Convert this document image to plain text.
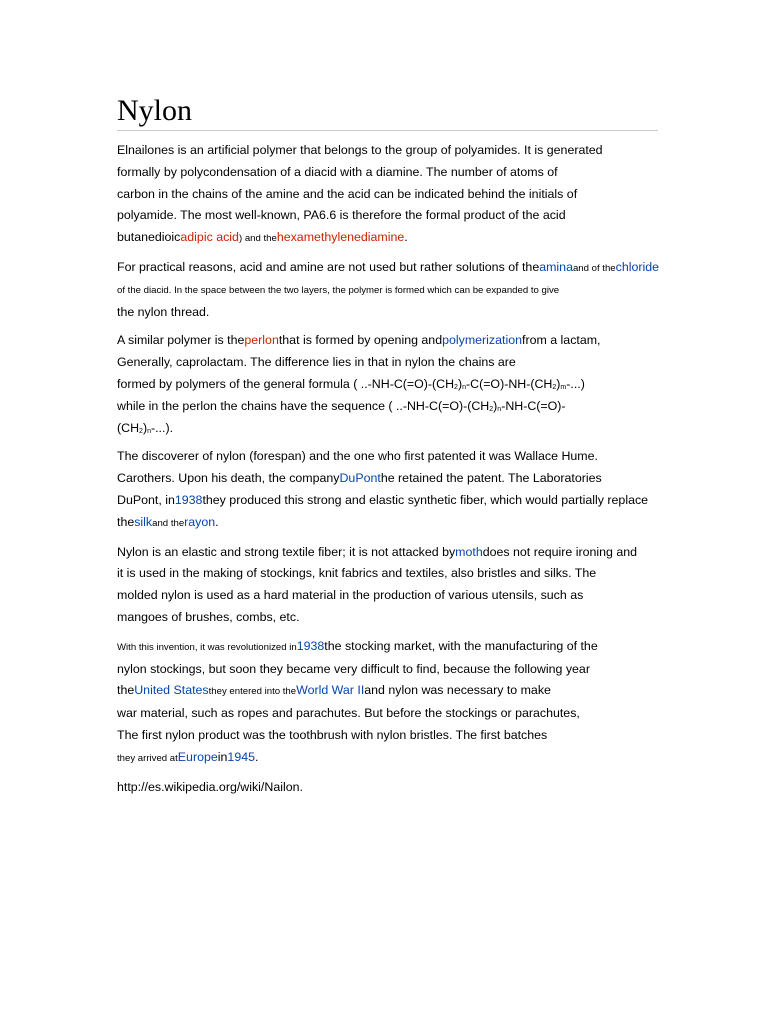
Nylon

Elnailones is an artificial polymer that belongs to the group of polyamides. It is generated
formally by polycondensation of a diacid with a diamine. The number of atoms of
carbon in the chains of the amine and the acid can be indicated behind the initials of
polyamide. The most well-known, PA6.6 is therefore the formal product of the acid
butanedioicadipic acid) and thehexamethylenediamine.

For practical reasons, acid and amine are not used but rather solutions of theaminaand of thechloride
of the diacid. In the space between the two layers, the polymer is formed which can be expanded to give
the nylon thread.

A similar polymer is theperlonthat is formed by opening andpolymerizationfrom a lactam,
Generally, caprolactam. The difference lies in that in nylon the chains are
formed by polymers of the general formula ( $..-NH-C(=O)-(CH_2)_n-C(=O)-NH-(CH_2)_m-$...)
while in the perlon the chains have the sequence ( $..-NH-C(=O)-(CH_2)_n-NH-C(=O)-$
$(CH_2)_n-$...).

The discoverer of nylon (forespan) and the one who first patented it was Wallace Hume.
Carothers. Upon his death, the companyDuPonthe retained the patent. The Laboratories
DuPont, in1938they produced this strong and elastic synthetic fiber, which would partially replace
thesilkand therayon.

Nylon is an elastic and strong textile fiber; it is not attacked bymothdoes not require ironing and
it is used in the making of stockings, knit fabrics and textiles, also bristles and silks. The
molded nylon is used as a hard material in the production of various utensils, such as
mangoes of brushes, combs, etc.

With this invention, it was revolutionized in1938the stocking market, with the manufacturing of the
nylon stockings, but soon they became very difficult to find, because the following year
theUnited Statesthey entered into theWorld War IIand nylon was necessary to make
war material, such as ropes and parachutes. But before the stockings or parachutes,
The first nylon product was the toothbrush with nylon bristles. The first batches
they arrived atEuropein1945.

http://es.wikipedia.org/wiki/Nailon.
